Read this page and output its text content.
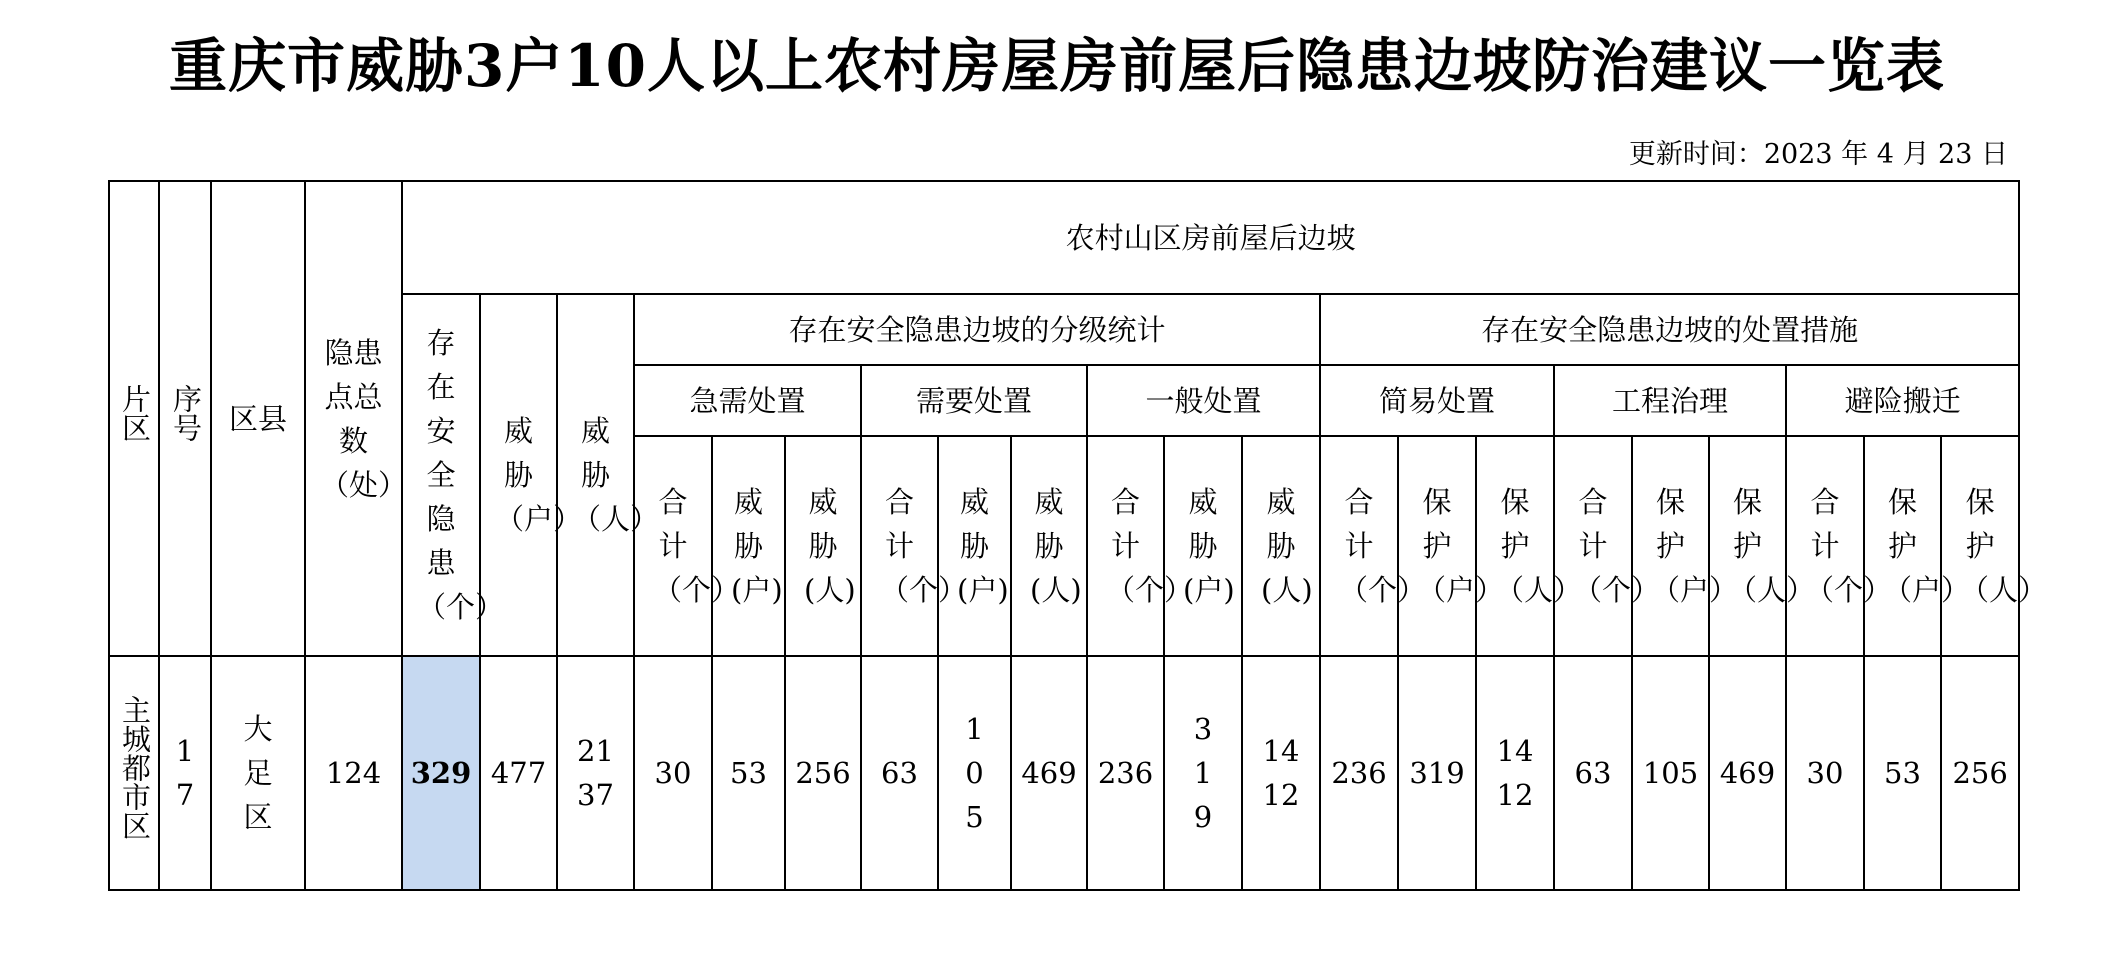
重庆市威胁3户10人以上农村房屋房前屋后隐患边坡防治建议一览表
更新时间：2023 年 4 月 23 日
片区	序号	区县	隐患点总数（处）	农村山区房前屋后边坡																				
				存在安全隐患（个）	威胁（户）	威胁（人）	存在安全隐患边坡的分级统计									存在安全隐患边坡的处置措施								
							急需处置			需要处置			一般处置			简易处置			工程治理			避险搬迁		
							合计（个）	威胁(户)	威胁(人)	合计（个）	威胁(户)	威胁(人)	合计（个）	威胁(户)	威胁(人)	合计（个）	保护（户）	保护（人）	合计（个）	保护（户）	保护（人）	合计（个）	保护（户）	保护（人）
主城都市区	17	大足区	124	329	477	2137	30	53	256	63	105	469	236	319	1412	236	319	1412	63	105	469	30	53	256
